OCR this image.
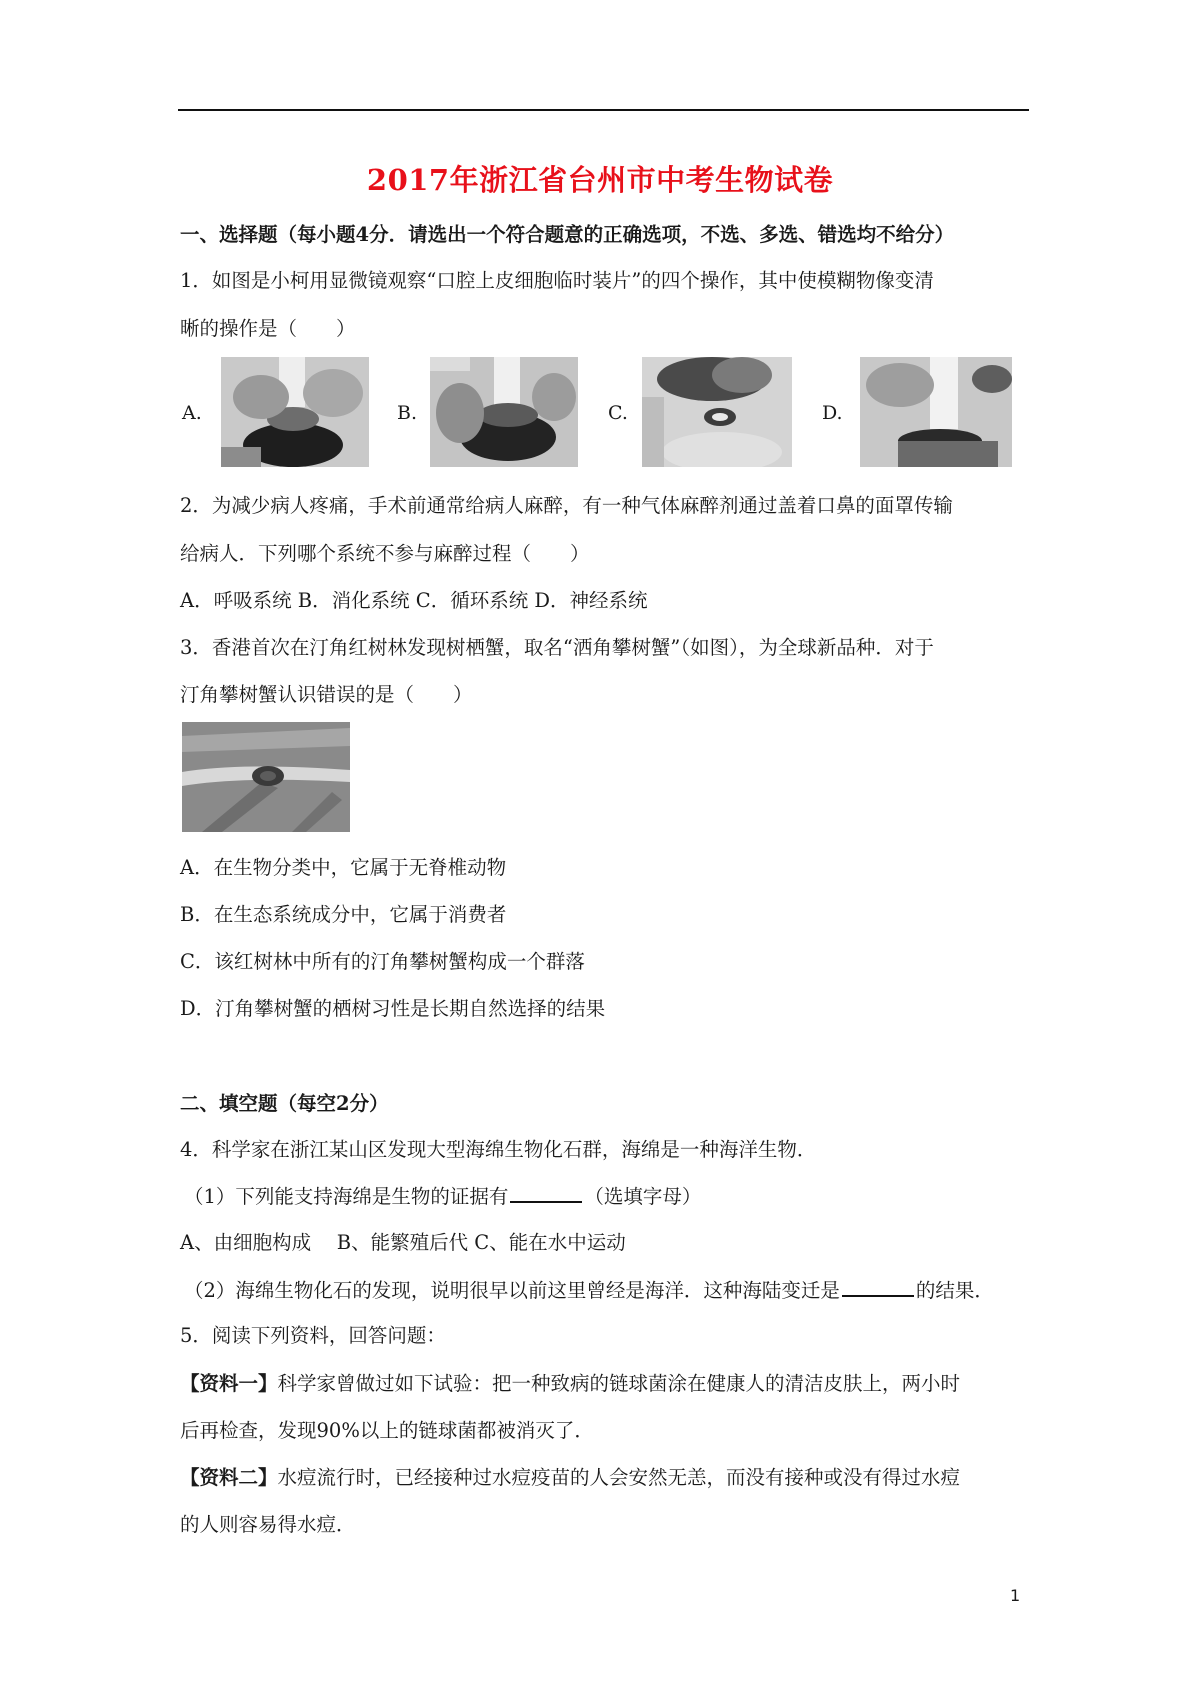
2017年浙江省台州市中考生物试卷
一、选择题（每小题4分．请选出一个符合题意的正确选项，不选、多选、错选均不给分）
1．如图是小柯用显微镜观察“口腔上皮细胞临时装片”的四个操作，其中使模糊物像变清
晰的操作是（　　）
A.	B.	C.	D.
2．为减少病人疼痛，手术前通常给病人麻醉，有一种气体麻醉剂通过盖着口鼻的面罩传输
给病人．下列哪个系统不参与麻醉过程（　　）
A．呼吸系统 B．消化系统 C．循环系统 D．神经系统
3．香港首次在汀角红树林发现树栖蟹，取名“洒角攀树蟹”（如图），为全球新品种．对于
汀角攀树蟹认识错误的是（　　）
A．在生物分类中，它属于无脊椎动物
B．在生态系统成分中，它属于消费者
C．该红树林中所有的汀角攀树蟹构成一个群落
D．汀角攀树蟹的栖树习性是长期自然选择的结果
二、填空题（每空2分）
4．科学家在浙江某山区发现大型海绵生物化石群，海绵是一种海洋生物．
（1）下列能支持海绵是生物的证据有	（选填字母）
A、由细胞构成　 B、能繁殖后代 C、能在水中运动
（2）海绵生物化石的发现，说明很早以前这里曾经是海洋．这种海陆变迁是	的结果．
5．阅读下列资料，回答问题：
【资料一】科学家曾做过如下试验：把一种致病的链球菌涂在健康人的清洁皮肤上，两小时
后再检查，发现90%以上的链球菌都被消灭了．
【资料二】水痘流行时，已经接种过水痘疫苗的人会安然无恙，而没有接种或没有得过水痘
的人则容易得水痘．
1
